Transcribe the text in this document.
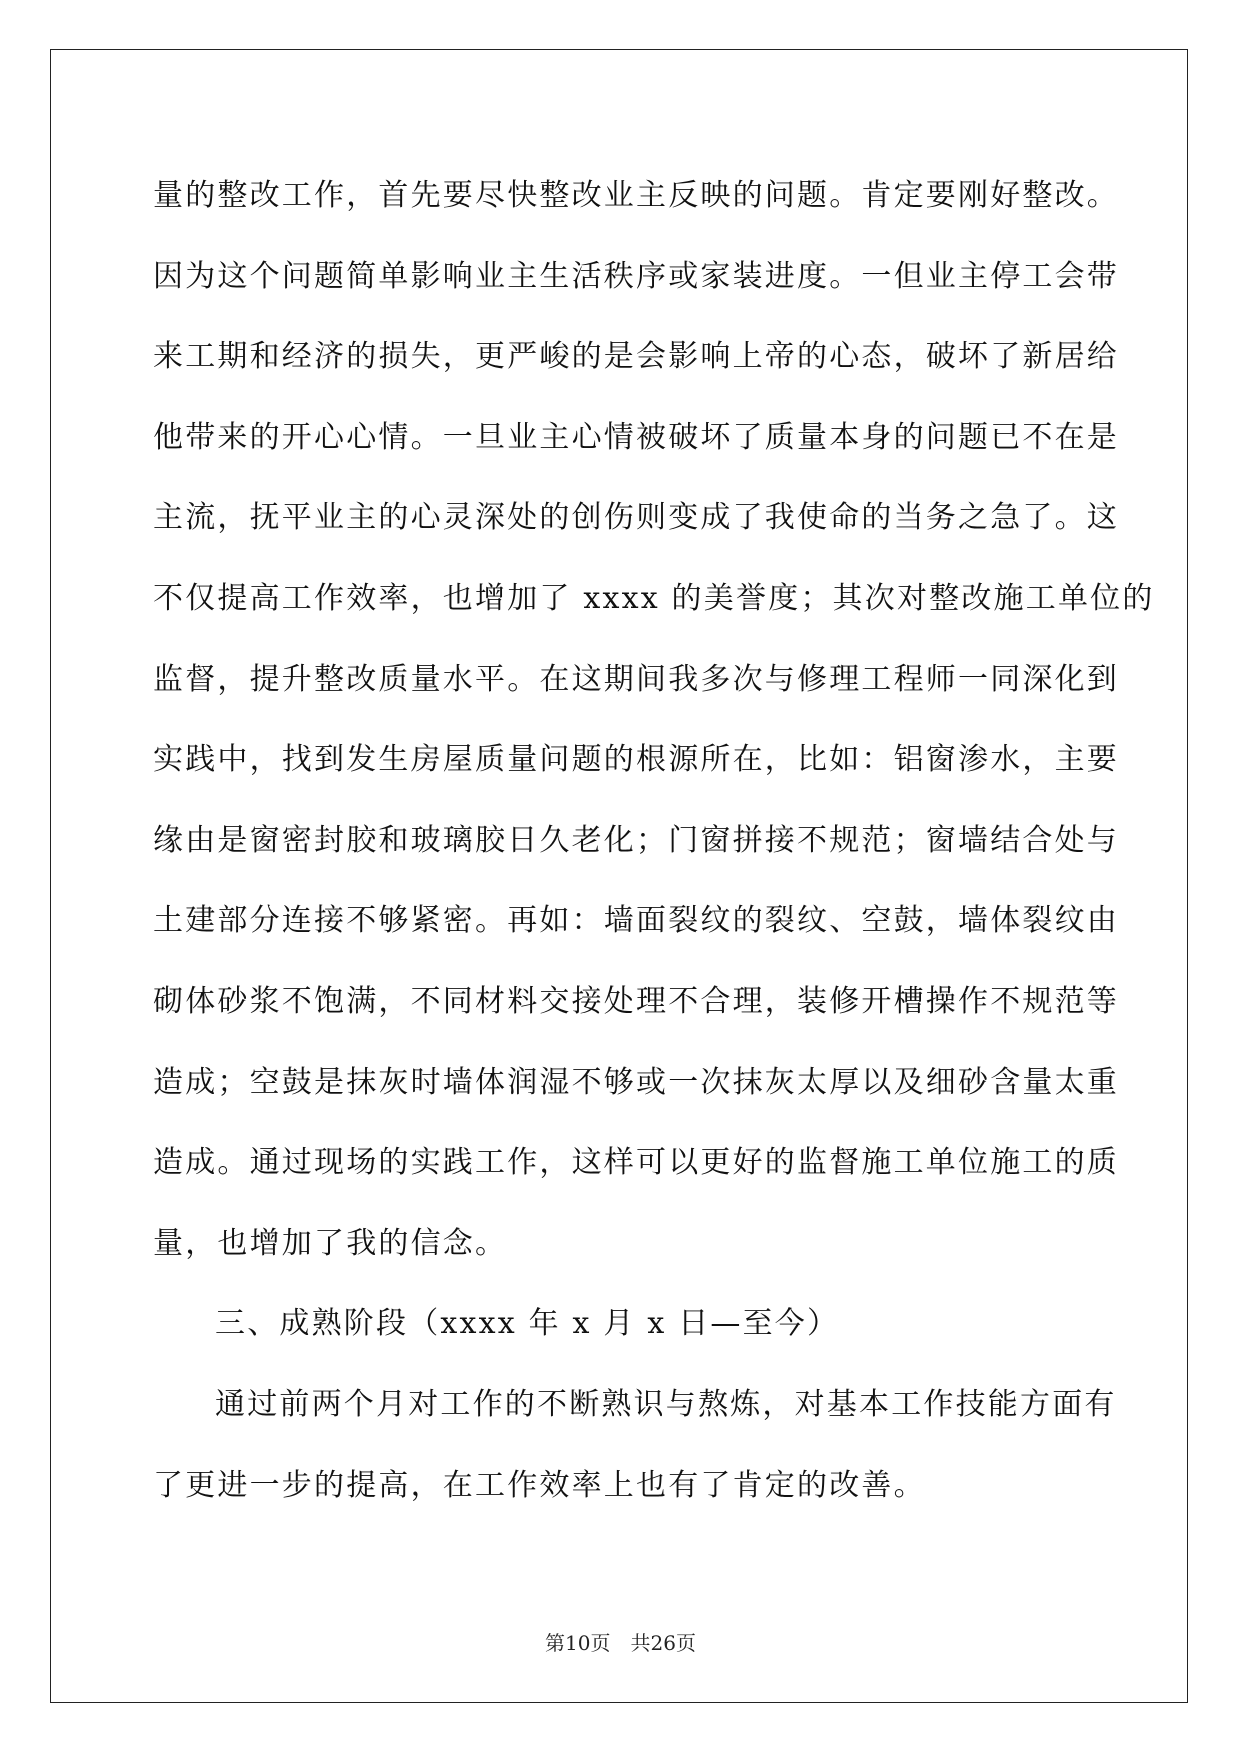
量的整改工作，首先要尽快整改业主反映的问题。肯定要刚好整改。
因为这个问题简单影响业主生活秩序或家装进度。一但业主停工会带
来工期和经济的损失，更严峻的是会影响上帝的心态，破坏了新居给
他带来的开心心情。一旦业主心情被破坏了质量本身的问题已不在是
主流，抚平业主的心灵深处的创伤则变成了我使命的当务之急了。这
不仅提高工作效率，也增加了 xxxx 的美誉度；其次对整改施工单位的
监督，提升整改质量水平。在这期间我多次与修理工程师一同深化到
实践中，找到发生房屋质量问题的根源所在，比如：铝窗渗水，主要
缘由是窗密封胶和玻璃胶日久老化；门窗拼接不规范；窗墙结合处与
土建部分连接不够紧密。再如：墙面裂纹的裂纹、空鼓，墙体裂纹由
砌体砂浆不饱满，不同材料交接处理不合理，装修开槽操作不规范等
造成；空鼓是抹灰时墙体润湿不够或一次抹灰太厚以及细砂含量太重
造成。通过现场的实践工作，这样可以更好的监督施工单位施工的质
量，也增加了我的信念。
三、成熟阶段（xxxx 年 x 月 x 日—至今）
通过前两个月对工作的不断熟识与熬炼，对基本工作技能方面有
了更进一步的提高，在工作效率上也有了肯定的改善。
第10页　共26页
